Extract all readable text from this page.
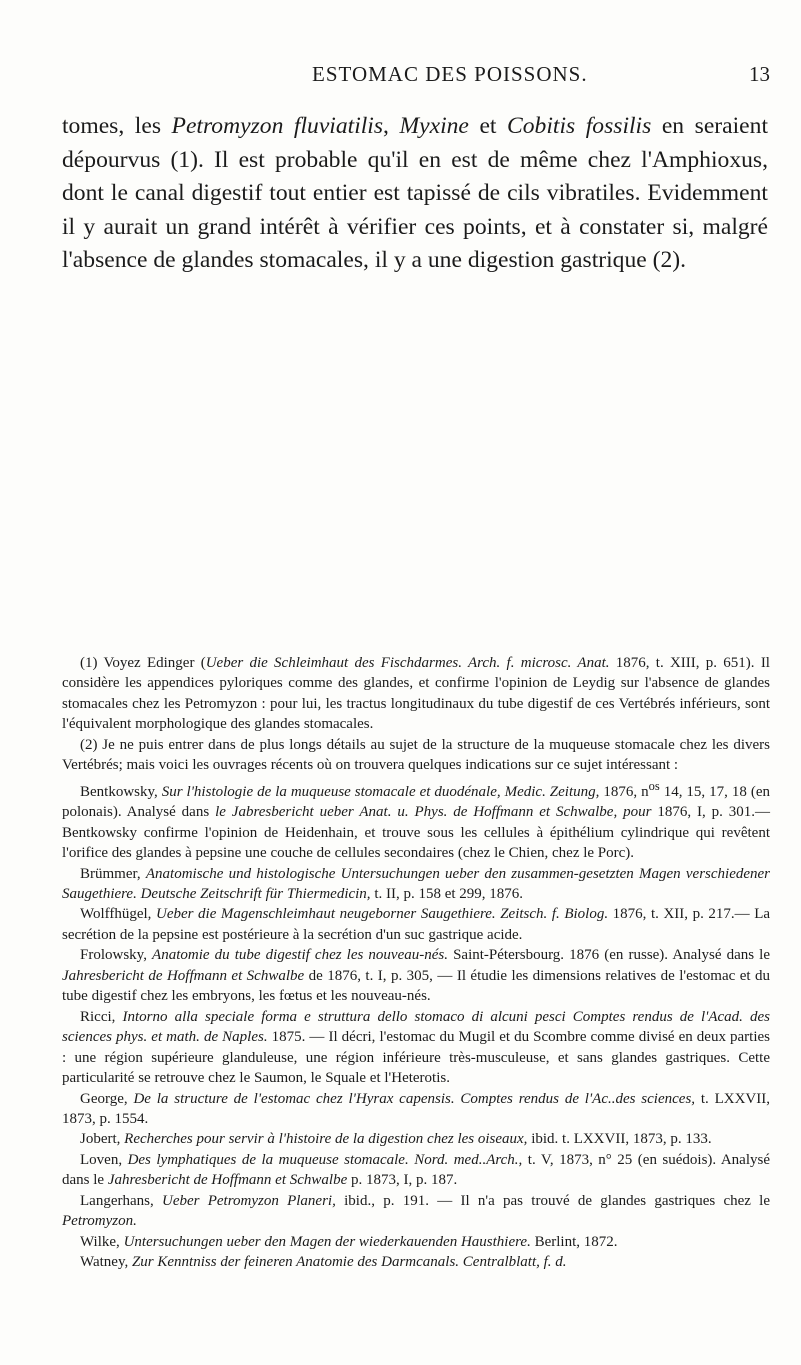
ESTOMAC DES POISSONS.	13

tomes, les Petromyzon fluviatilis, Myxine et Cobitis fossilis en seraient dépourvus (1). Il est probable qu'il en est de même chez l'Amphioxus, dont le canal digestif tout entier est tapissé de cils vibratiles. Evidemment il y aurait un grand intérêt à vérifier ces points, et à constater si, malgré l'absence de glandes stomacales, il y a une digestion gastrique (2).

(1) Voyez Edinger (Ueber die Schleimhaut des Fischdarmes. Arch. f. microsc. Anat. 1876, t. XIII, p. 651). Il considère les appendices pyloriques comme des glandes, et confirme l'opinion de Leydig sur l'absence de glandes stomacales chez les Petromyzon : pour lui, les tractus longitudinaux du tube digestif de ces Vertébrés inférieurs, sont l'équivalent morphologique des glandes stomacales.

(2) Je ne puis entrer dans de plus longs détails au sujet de la structure de la muqueuse stomacale chez les divers Vertébrés; mais voici les ouvrages récents où on trouvera quelques indications sur ce sujet intéressant :

Bentkowsky, Sur l'histologie de la muqueuse stomacale et duodénale, Medic. Zeitung, 1876, $n^{os}$ 14, 15, 17, 18 (en polonais). Analysé dans le Jabresbericht ueber Anat. u. Phys. de Hoffmann et Schwalbe, pour 1876, I, p. 301.—Bentkowsky confirme l'opinion de Heidenhain, et trouve sous les cellules à épithélium cylindrique qui revêtent l'orifice des glandes à pepsine une couche de cellules secondaires (chez le Chien, chez le Porc).

Brümmer, Anatomische und histologische Untersuchungen ueber den zusammen-gesetzten Magen verschiedener Saugethiere. Deutsche Zeitschrift für Thiermedicin, t. II, p. 158 et 299, 1876.

Wolffhügel, Ueber die Magenschleimhaut neugeborner Saugethiere. Zeitsch. f. Biolog. 1876, t. XII, p. 217.— La secrétion de la pepsine est postérieure à la secrétion d'un suc gastrique acide.

Frolowsky, Anatomie du tube digestif chez les nouveau-nés. Saint-Pétersbourg. 1876 (en russe). Analysé dans le Jahresbericht de Hoffmann et Schwalbe de 1876, t. I, p. 305, — Il étudie les dimensions relatives de l'estomac et du tube digestif chez les embryons, les fœtus et les nouveau-nés.

Ricci, Intorno alla speciale forma e struttura dello stomaco di alcuni pesci Comptes rendus de l'Acad. des sciences phys. et math. de Naples. 1875. — Il décri, l'estomac du Mugil et du Scombre comme divisé en deux parties : une région supérieure glanduleuse, une région inférieure très-musculeuse, et sans glandes gastriques. Cette particularité se retrouve chez le Saumon, le Squale et l'Heterotis.

George, De la structure de l'estomac chez l'Hyrax capensis. Comptes rendus de l'Ac..des sciences, t. LXXVII, 1873, p. 1554.

Jobert, Recherches pour servir à l'histoire de la digestion chez les oiseaux, ibid. t. LXXVII, 1873, p. 133.

Loven, Des lymphatiques de la muqueuse stomacale. Nord. med..Arch., t. V, 1873, n° 25 (en suédois). Analysé dans le Jahresbericht de Hoffmann et Schwalbe p. 1873, I, p. 187.

Langerhans, Ueber Petromyzon Planeri, ibid., p. 191. — Il n'a pas trouvé de glandes gastriques chez le Petromyzon.

Wilke, Untersuchungen ueber den Magen der wiederkauenden Hausthiere. Berlint, 1872.

Watney, Zur Kenntniss der feineren Anatomie des Darmcanals. Centralblatt, f. d.
